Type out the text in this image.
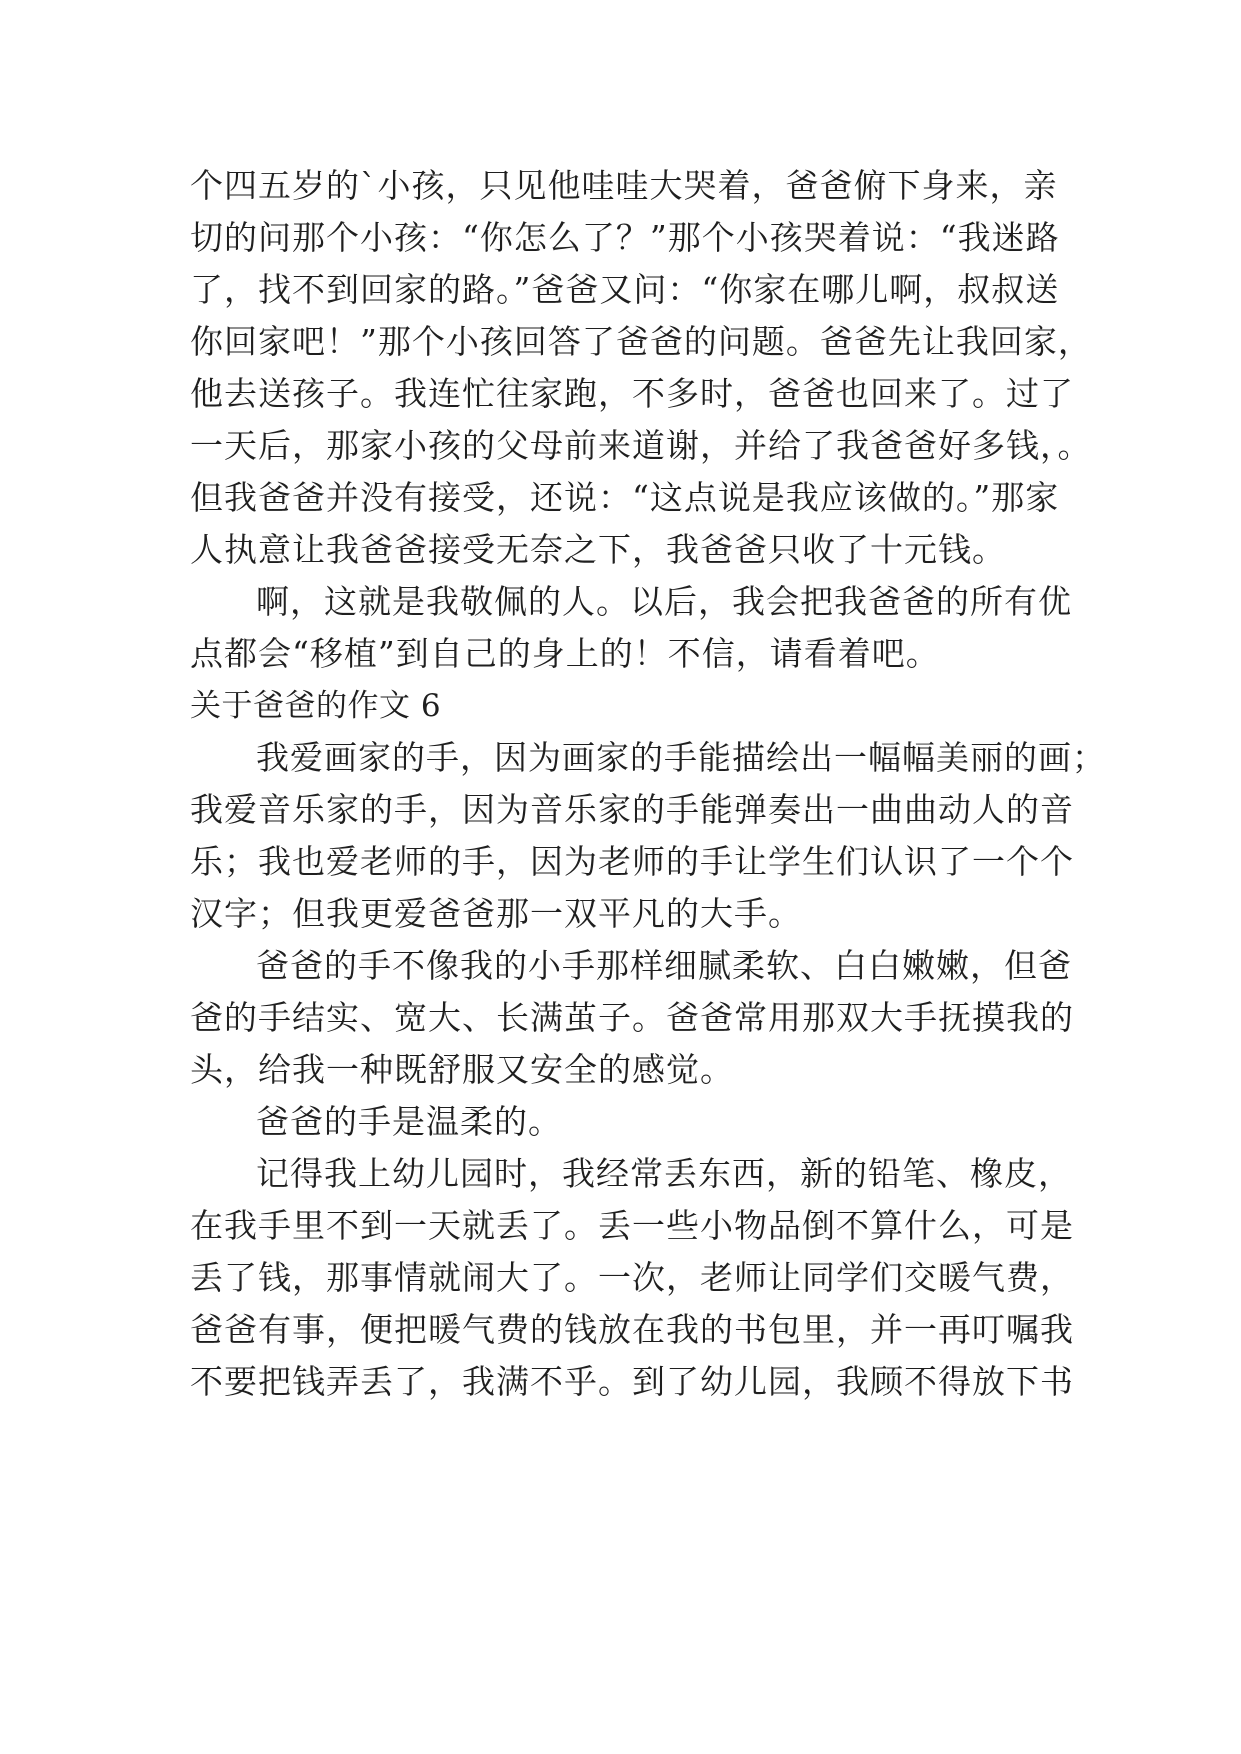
个四五岁的`小孩，只见他哇哇大哭着，爸爸俯下身来，亲
切的问那个小孩：“你怎么了？”那个小孩哭着说：“我迷路
了，找不到回家的路。”爸爸又问：“你家在哪儿啊，叔叔送
你回家吧！”那个小孩回答了爸爸的问题。爸爸先让我回家，
他去送孩子。我连忙往家跑，不多时，爸爸也回来了。过了
一天后，那家小孩的父母前来道谢，并给了我爸爸好多钱，。
但我爸爸并没有接受，还说：“这点说是我应该做的。”那家
人执意让我爸爸接受无奈之下，我爸爸只收了十元钱。
啊，这就是我敬佩的人。以后，我会把我爸爸的所有优
点都会“移植”到自己的身上的！不信，请看着吧。
关于爸爸的作文 6
我爱画家的手，因为画家的手能描绘出一幅幅美丽的画；
我爱音乐家的手，因为音乐家的手能弹奏出一曲曲动人的音
乐；我也爱老师的手，因为老师的手让学生们认识了一个个
汉字；但我更爱爸爸那一双平凡的大手。
爸爸的手不像我的小手那样细腻柔软、白白嫩嫩，但爸
爸的手结实、宽大、长满茧子。爸爸常用那双大手抚摸我的
头，给我一种既舒服又安全的感觉。
爸爸的手是温柔的。
记得我上幼儿园时，我经常丢东西，新的铅笔、橡皮，
在我手里不到一天就丢了。丢一些小物品倒不算什么，可是
丢了钱，那事情就闹大了。一次，老师让同学们交暖气费，
爸爸有事，便把暖气费的钱放在我的书包里，并一再叮嘱我
不要把钱弄丢了，我满不乎。到了幼儿园，我顾不得放下书
